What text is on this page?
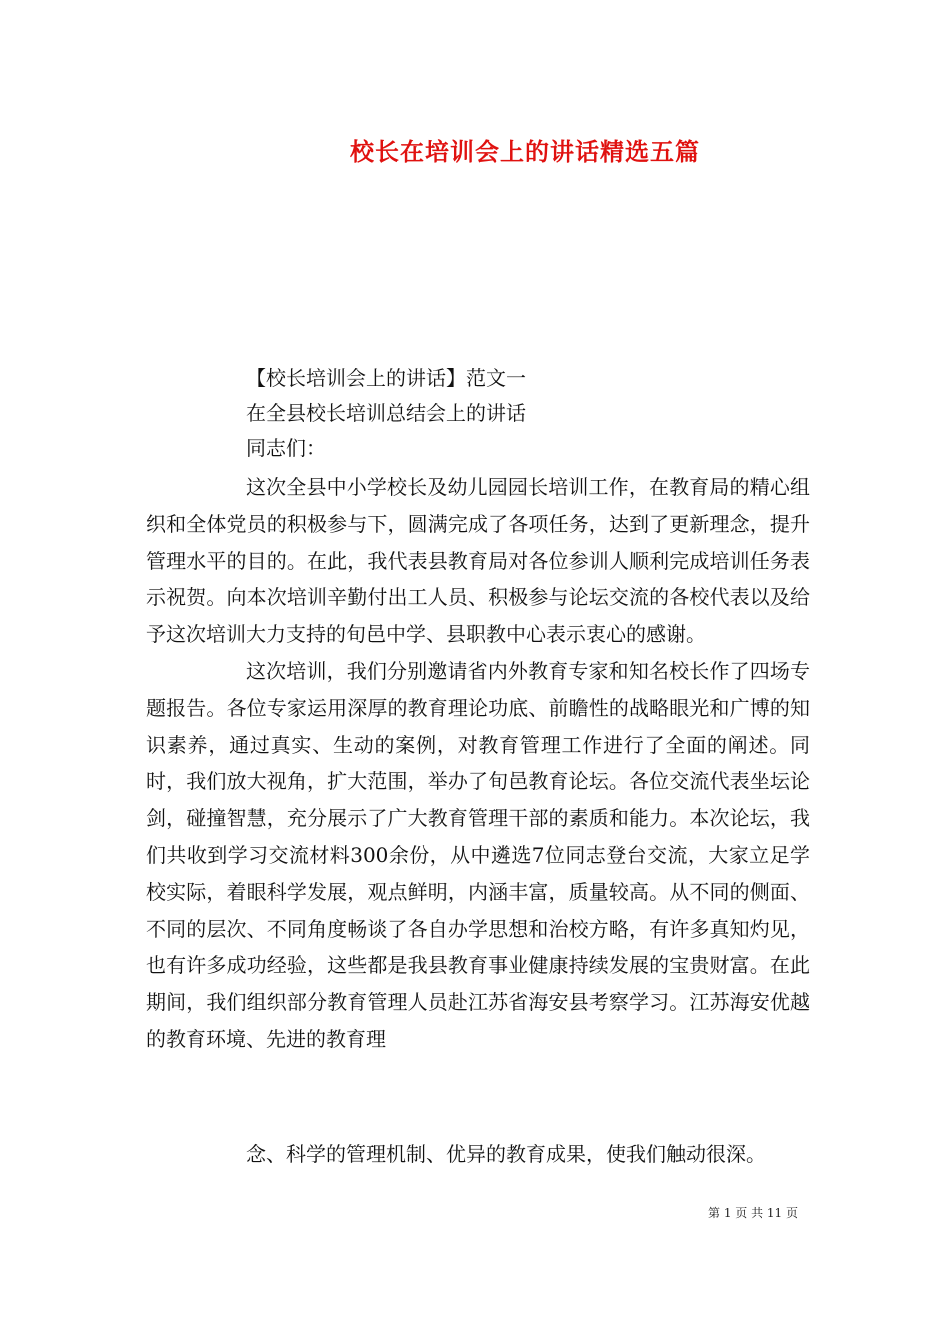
校长在培训会上的讲话精选五篇
【校长培训会上的讲话】范文一
在全县校长培训总结会上的讲话
同志们：

这次全县中小学校长及幼儿园园长培训工作，在教育局的精心组织和全体党员的积极参与下，圆满完成了各项任务，达到了更新理念，提升管理水平的目的。在此，我代表县教育局对各位参训人顺利完成培训任务表示祝贺。向本次培训辛勤付出工人员、积极参与论坛交流的各校代表以及给予这次培训大力支持的旬邑中学、县职教中心表示衷心的感谢。

这次培训，我们分别邀请省内外教育专家和知名校长作了四场专题报告。各位专家运用深厚的教育理论功底、前瞻性的战略眼光和广博的知识素养，通过真实、生动的案例，对教育管理工作进行了全面的阐述。同时，我们放大视角，扩大范围，举办了旬邑教育论坛。各位交流代表坐坛论剑，碰撞智慧，充分展示了广大教育管理干部的素质和能力。本次论坛，我们共收到学习交流材料300余份，从中遴选7位同志登台交流，大家立足学校实际，着眼科学发展，观点鲜明，内涵丰富，质量较高。从不同的侧面、不同的层次、不同角度畅谈了各自办学思想和治校方略，有许多真知灼见，也有许多成功经验，这些都是我县教育事业健康持续发展的宝贵财富。在此期间，我们组织部分教育管理人员赴江苏省海安县考察学习。江苏海安优越的教育环境、先进的教育理

念、科学的管理机制、优异的教育成果，使我们触动很深。
第 1 页 共 11 页
